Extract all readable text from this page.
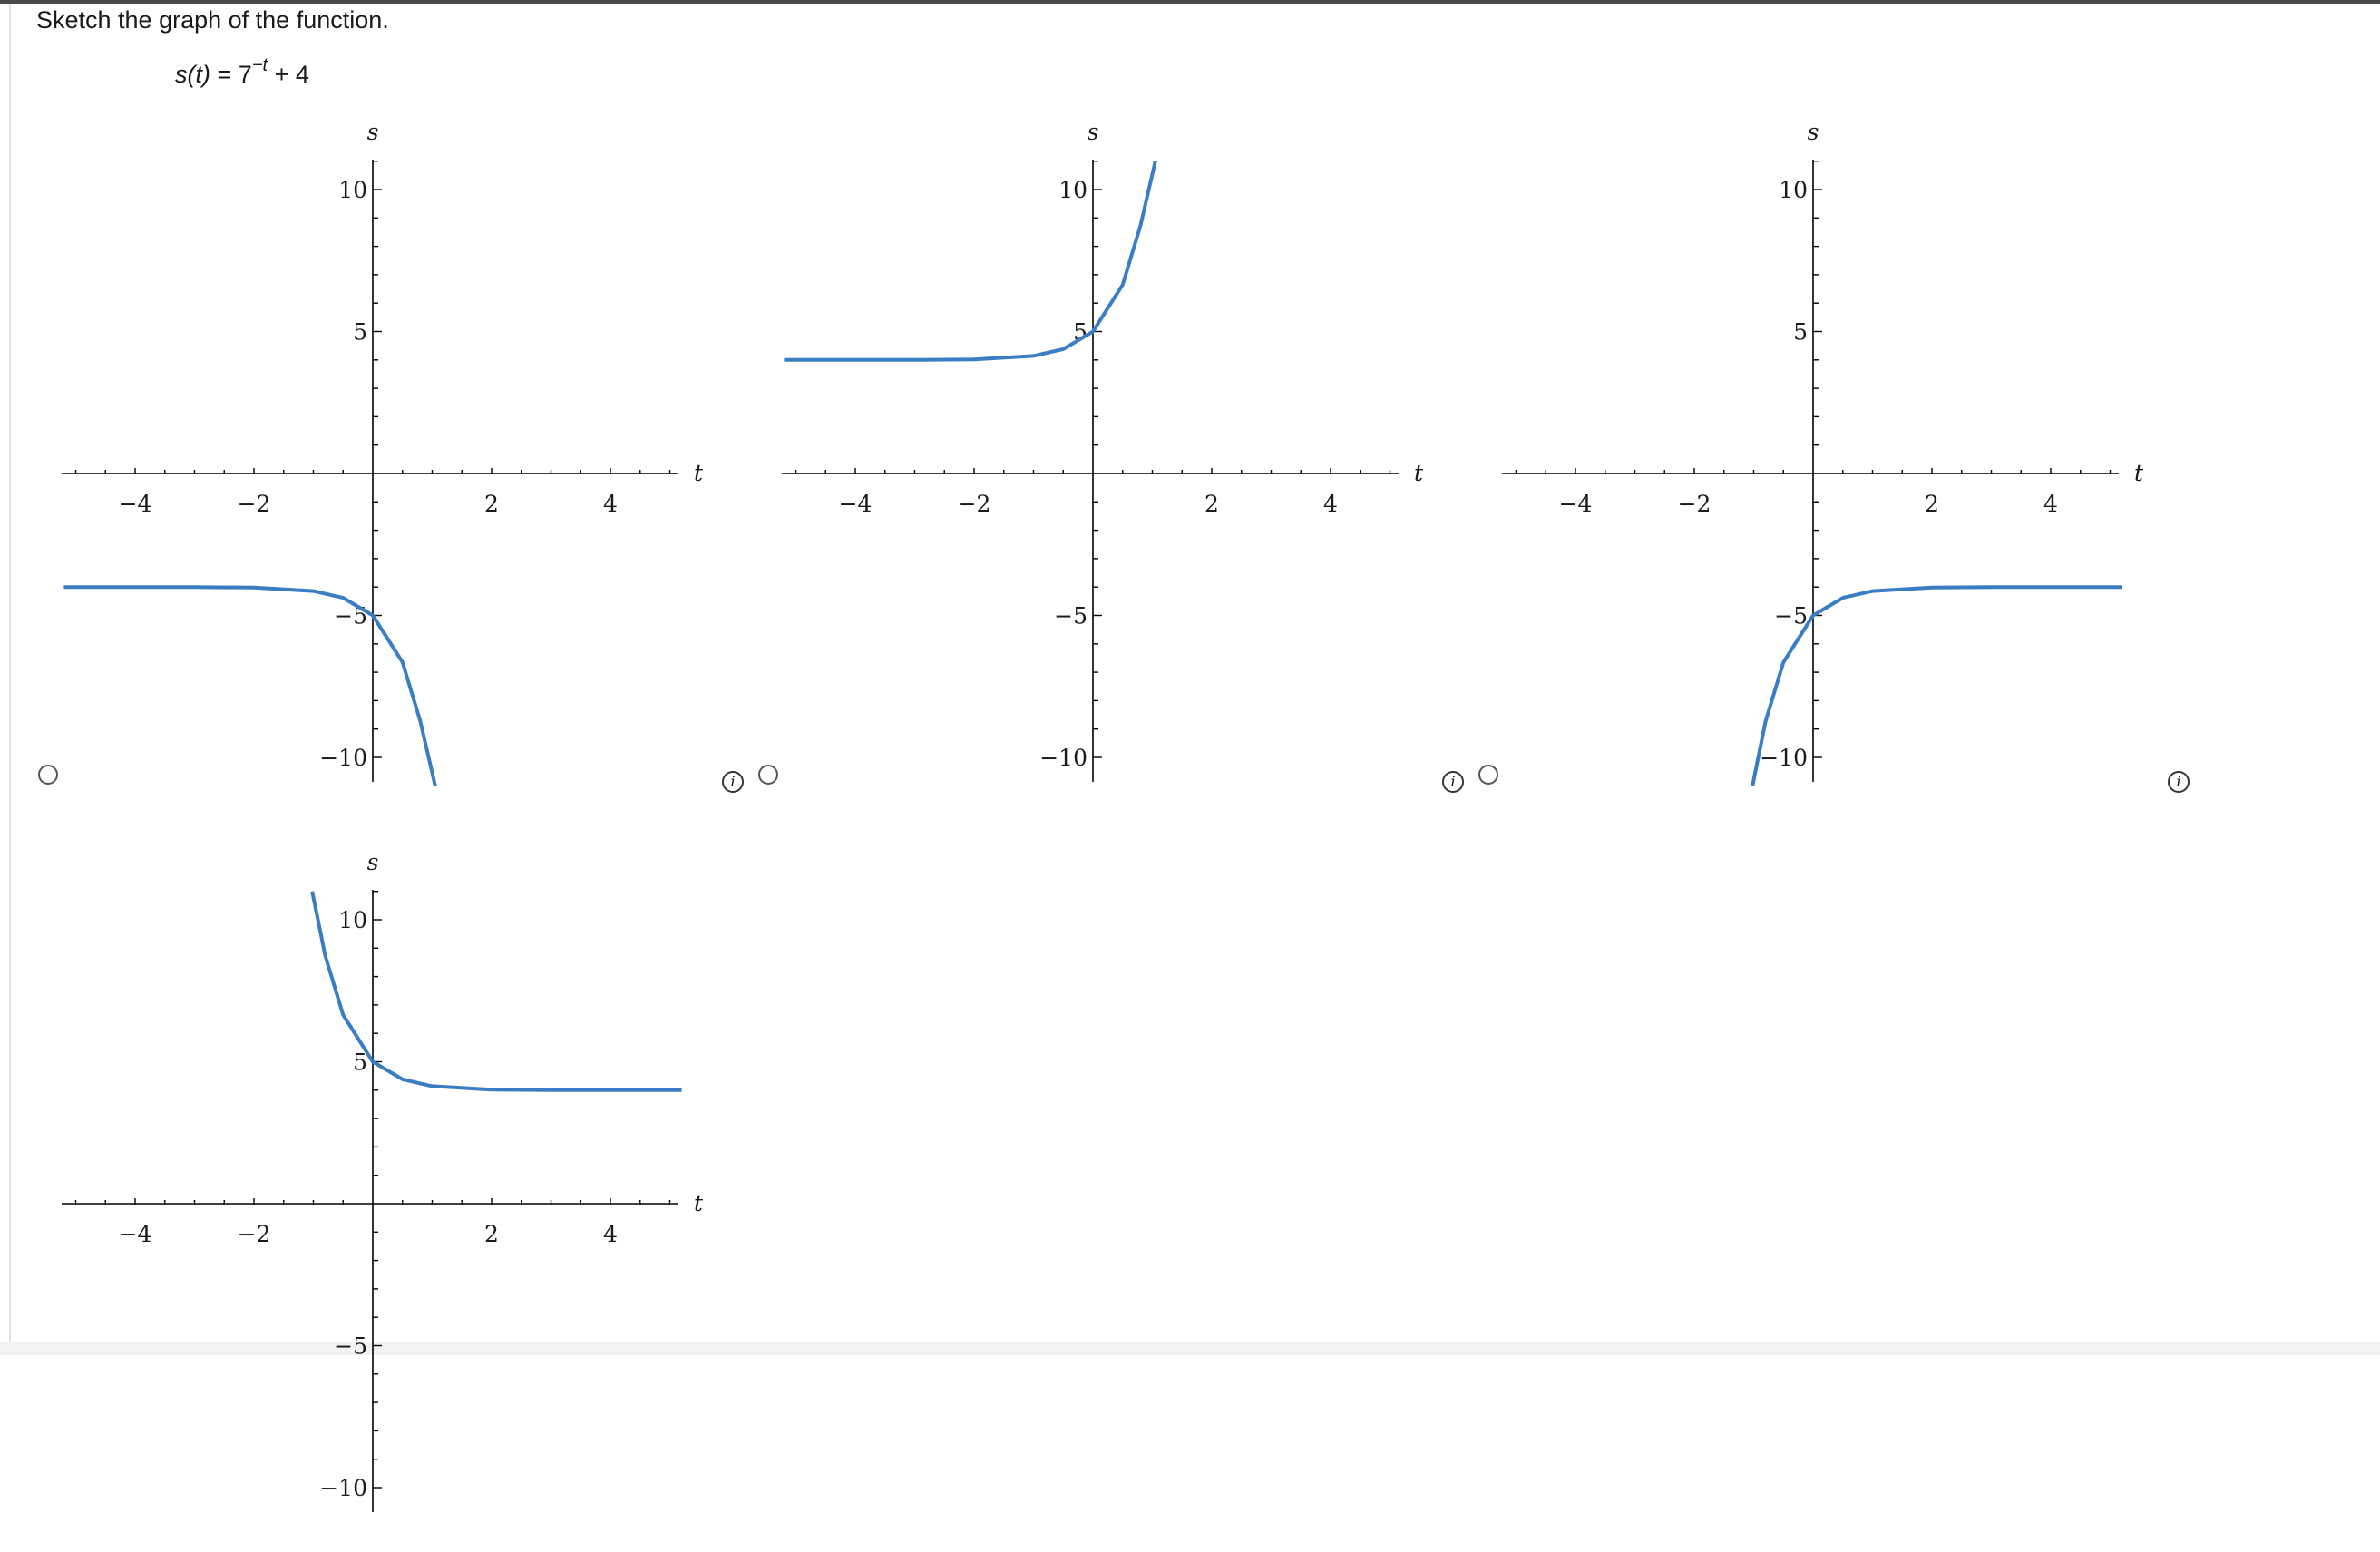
Sketch the graph of the function.
$s(t) = 7^{-t} + 4$
i	i	i
−4	−2	2	4
−10
−5
5
10
t
s
−4	−2	2	4
−10
−5
5
10
t
s
−4	−2	2	4
−10
−5
5
10
t
s
−4	−2	2	4
−10
−5
5
10
t
s
